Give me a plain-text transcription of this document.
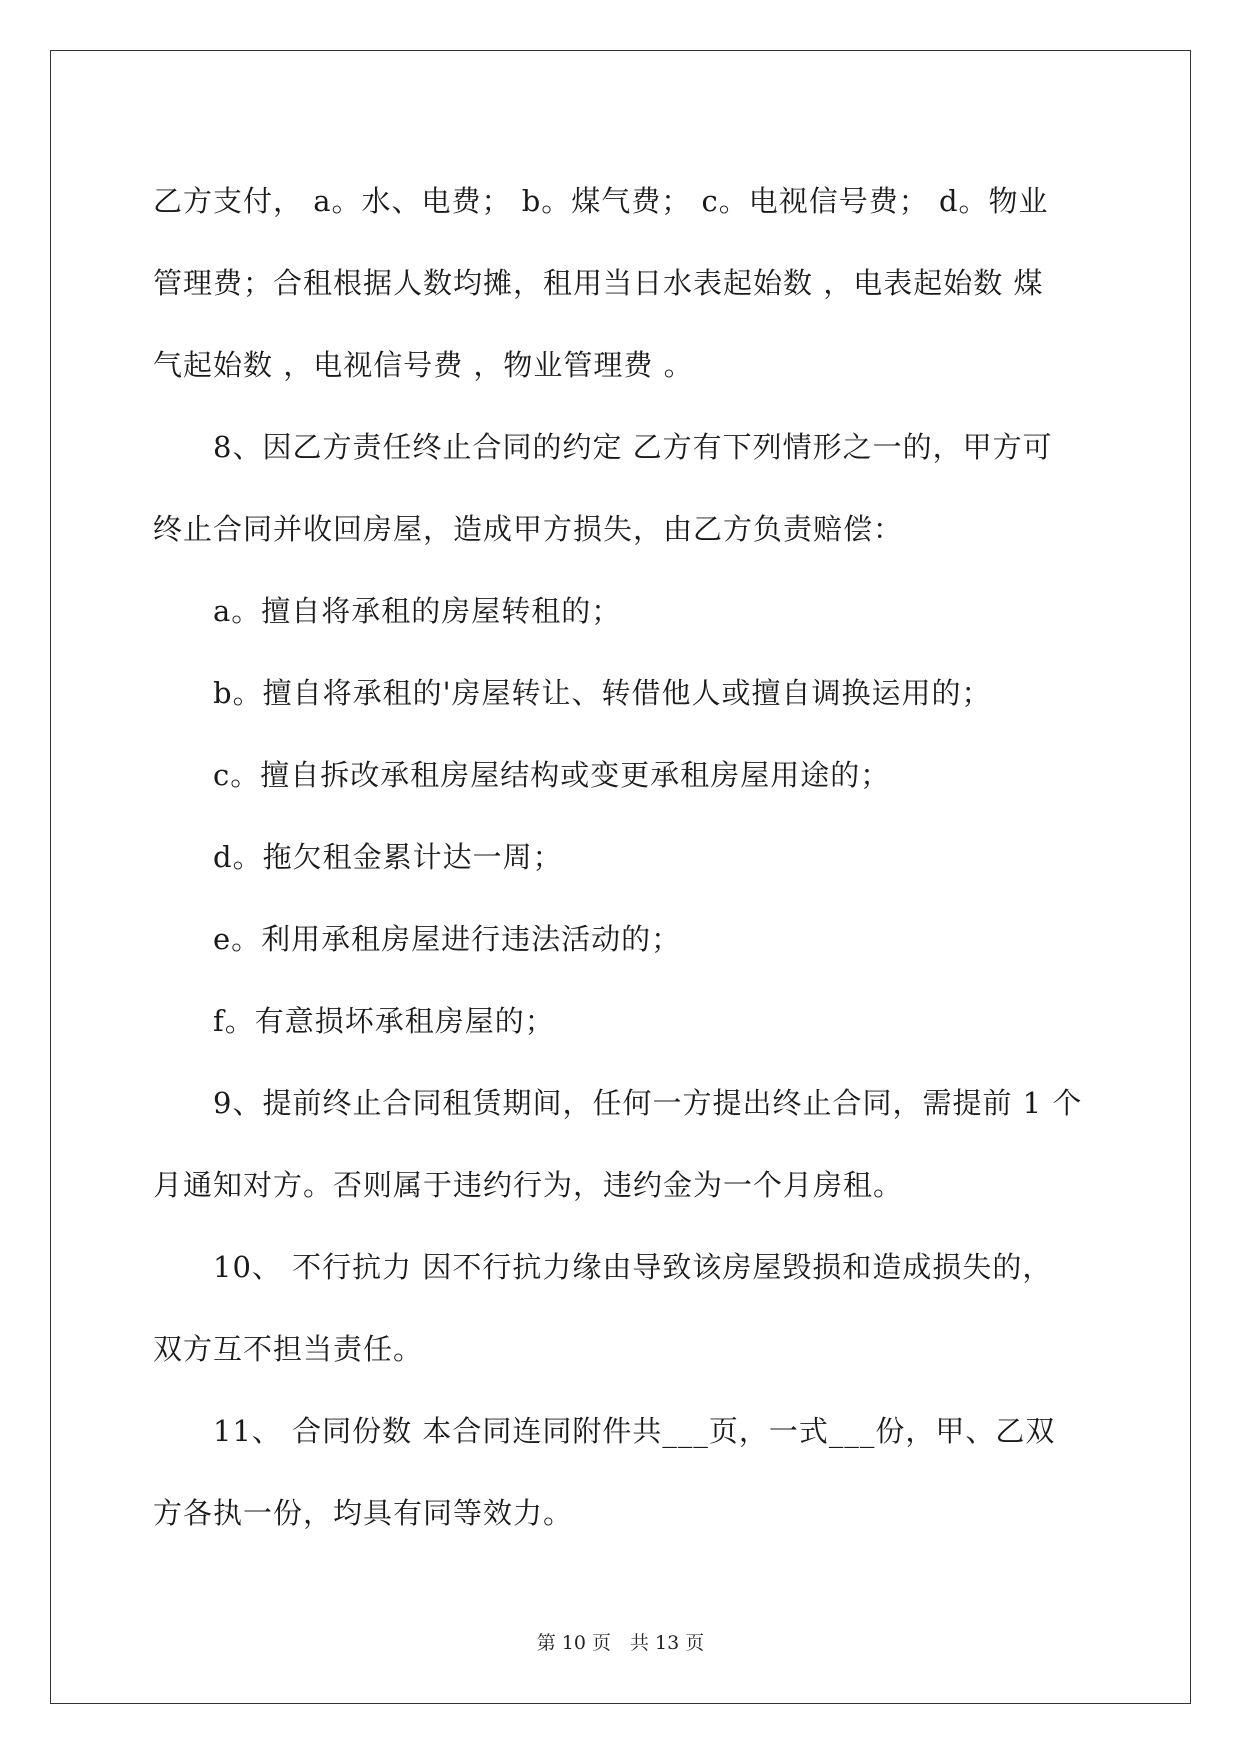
乙方支付， a。水、电费； b。煤气费； c。电视信号费； d。物业
管理费；合租根据人数均摊，租用当日水表起始数 ，电表起始数 煤
气起始数 ，电视信号费 ，物业管理费 。
　　8、因乙方责任终止合同的约定 乙方有下列情形之一的，甲方可
终止合同并收回房屋，造成甲方损失，由乙方负责赔偿：
　　a。擅自将承租的房屋转租的；
　　b。擅自将承租的'房屋转让、转借他人或擅自调换运用的；
　　c。擅自拆改承租房屋结构或变更承租房屋用途的；
　　d。拖欠租金累计达一周；
　　e。利用承租房屋进行违法活动的；
　　f。有意损坏承租房屋的；
　　9、提前终止合同租赁期间，任何一方提出终止合同，需提前 1 个
月通知对方。否则属于违约行为，违约金为一个月房租。
　　10、 不行抗力 因不行抗力缘由导致该房屋毁损和造成损失的，
双方互不担当责任。
　　11、 合同份数 本合同连同附件共___页，一式___份，甲、乙双
方各执一份，均具有同等效力。
第 10 页　共 13 页
